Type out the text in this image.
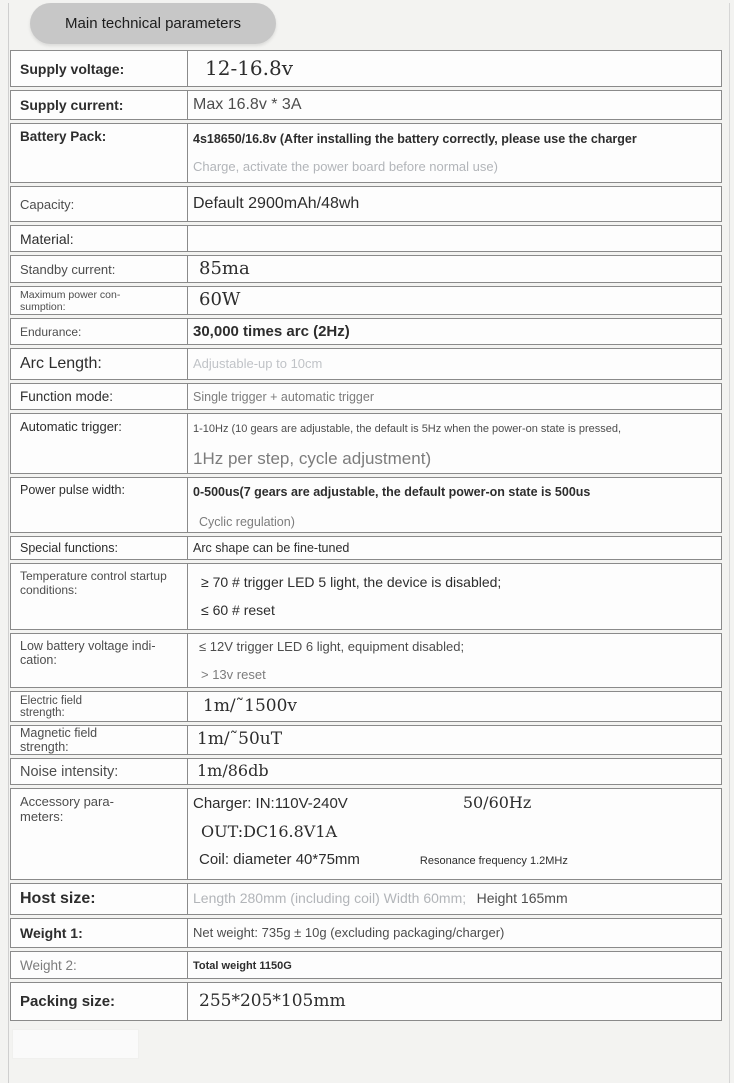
Main technical parameters
Supply voltage:	12-16.8v
Supply current:	Max 16.8v * 3A
Battery Pack:	4s18650/16.8v (After installing the battery correctly, please use the charger
Charge, activate the power board before normal use)
Capacity:	Default 2900mAh/48wh
Material:
Standby current:	85ma
Maximum power con-
sumption:	60W
Endurance:	30,000 times arc (2Hz)
Arc Length:	Adjustable-up to 10cm
Function mode:	Single trigger + automatic trigger
Automatic trigger:	1-10Hz (10 gears are adjustable, the default is 5Hz when the power-on state is pressed,
1Hz per step, cycle adjustment)
Power pulse width:	0-500us(7 gears are adjustable, the default power-on state is 500us
Cyclic regulation)
Special functions:	Arc shape can be fine-tuned
Temperature control startup
conditions:
≥ 70 # trigger LED 5 light, the device is disabled;
≤ 60 # reset
Low battery voltage indi-
cation:
≤ 12V trigger LED 6 light, equipment disabled;
> 13v reset
Electric field
strength:	1m/˜1500v
Magnetic field
strength:	1m/˜50uT
Noise intensity:	1m/86db
Accessory para-
meters:
Charger: IN:110V-240V	50/60Hz
OUT:DC16.8V1A
Coil: diameter 40*75mm	Resonance frequency 1.2MHz
Host size:	Length 280mm (including coil) Width 60mm; Height 165mm
Weight 1:	Net weight: 735g ± 10g (excluding packaging/charger)
Weight 2:	Total weight 1150G
Packing size:	255*205*105mm
